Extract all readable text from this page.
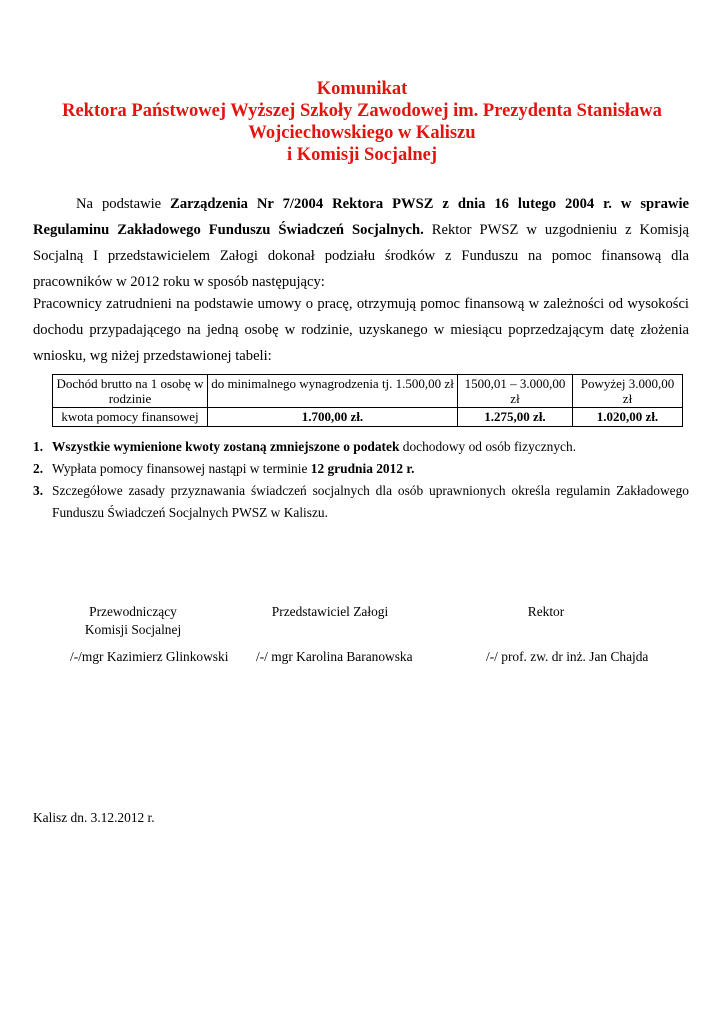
Komunikat
Rektora Państwowej Wyższej Szkoły Zawodowej im. Prezydenta Stanisława
Wojciechowskiego w Kaliszu
i Komisji Socjalnej
Na podstawie Zarządzenia Nr 7/2004 Rektora PWSZ z dnia 16 lutego 2004 r. w sprawie
Regulaminu Zakładowego Funduszu Świadczeń Socjalnych. Rektor PWSZ w uzgodnieniu z Komisją
Socjalną I przedstawicielem Załogi dokonał podziału środków z Funduszu na pomoc finansową dla
pracowników w 2012 roku w sposób następujący:
Pracownicy zatrudnieni na podstawie umowy o pracę, otrzymują pomoc finansową w zależności od wysokości
dochodu przypadającego na jedną osobę w rodzinie, uzyskanego w miesiącu poprzedzającym datę złożenia
wniosku, wg niżej przedstawionej tabeli:
Dochód brutto na 1 osobę w rodzinie	do minimalnego wynagrodzenia tj. 1.500,00 zł	1500,01 – 3.000,00 zł	Powyżej 3.000,00 zł
kwota pomocy finansowej	1.700,00 zł.	1.275,00 zł.	1.020,00 zł.
1. Wszystkie wymienione kwoty zostaną zmniejszone o podatek dochodowy od osób fizycznych.
2. Wypłata pomocy finansowej nastąpi w terminie 12 grudnia 2012 r.
3. Szczegółowe zasady przyznawania świadczeń socjalnych dla osób uprawnionych określa regulamin Zakładowego
Funduszu Świadczeń Socjalnych PWSZ w Kaliszu.
Przewodniczący
Komisji Socjalnej
/-/mgr Kazimierz Glinkowski
Przedstawiciel Załogi
/-/ mgr Karolina Baranowska
Rektor
/-/ prof. zw. dr inż. Jan Chajda
Kalisz dn. 3.12.2012 r.
